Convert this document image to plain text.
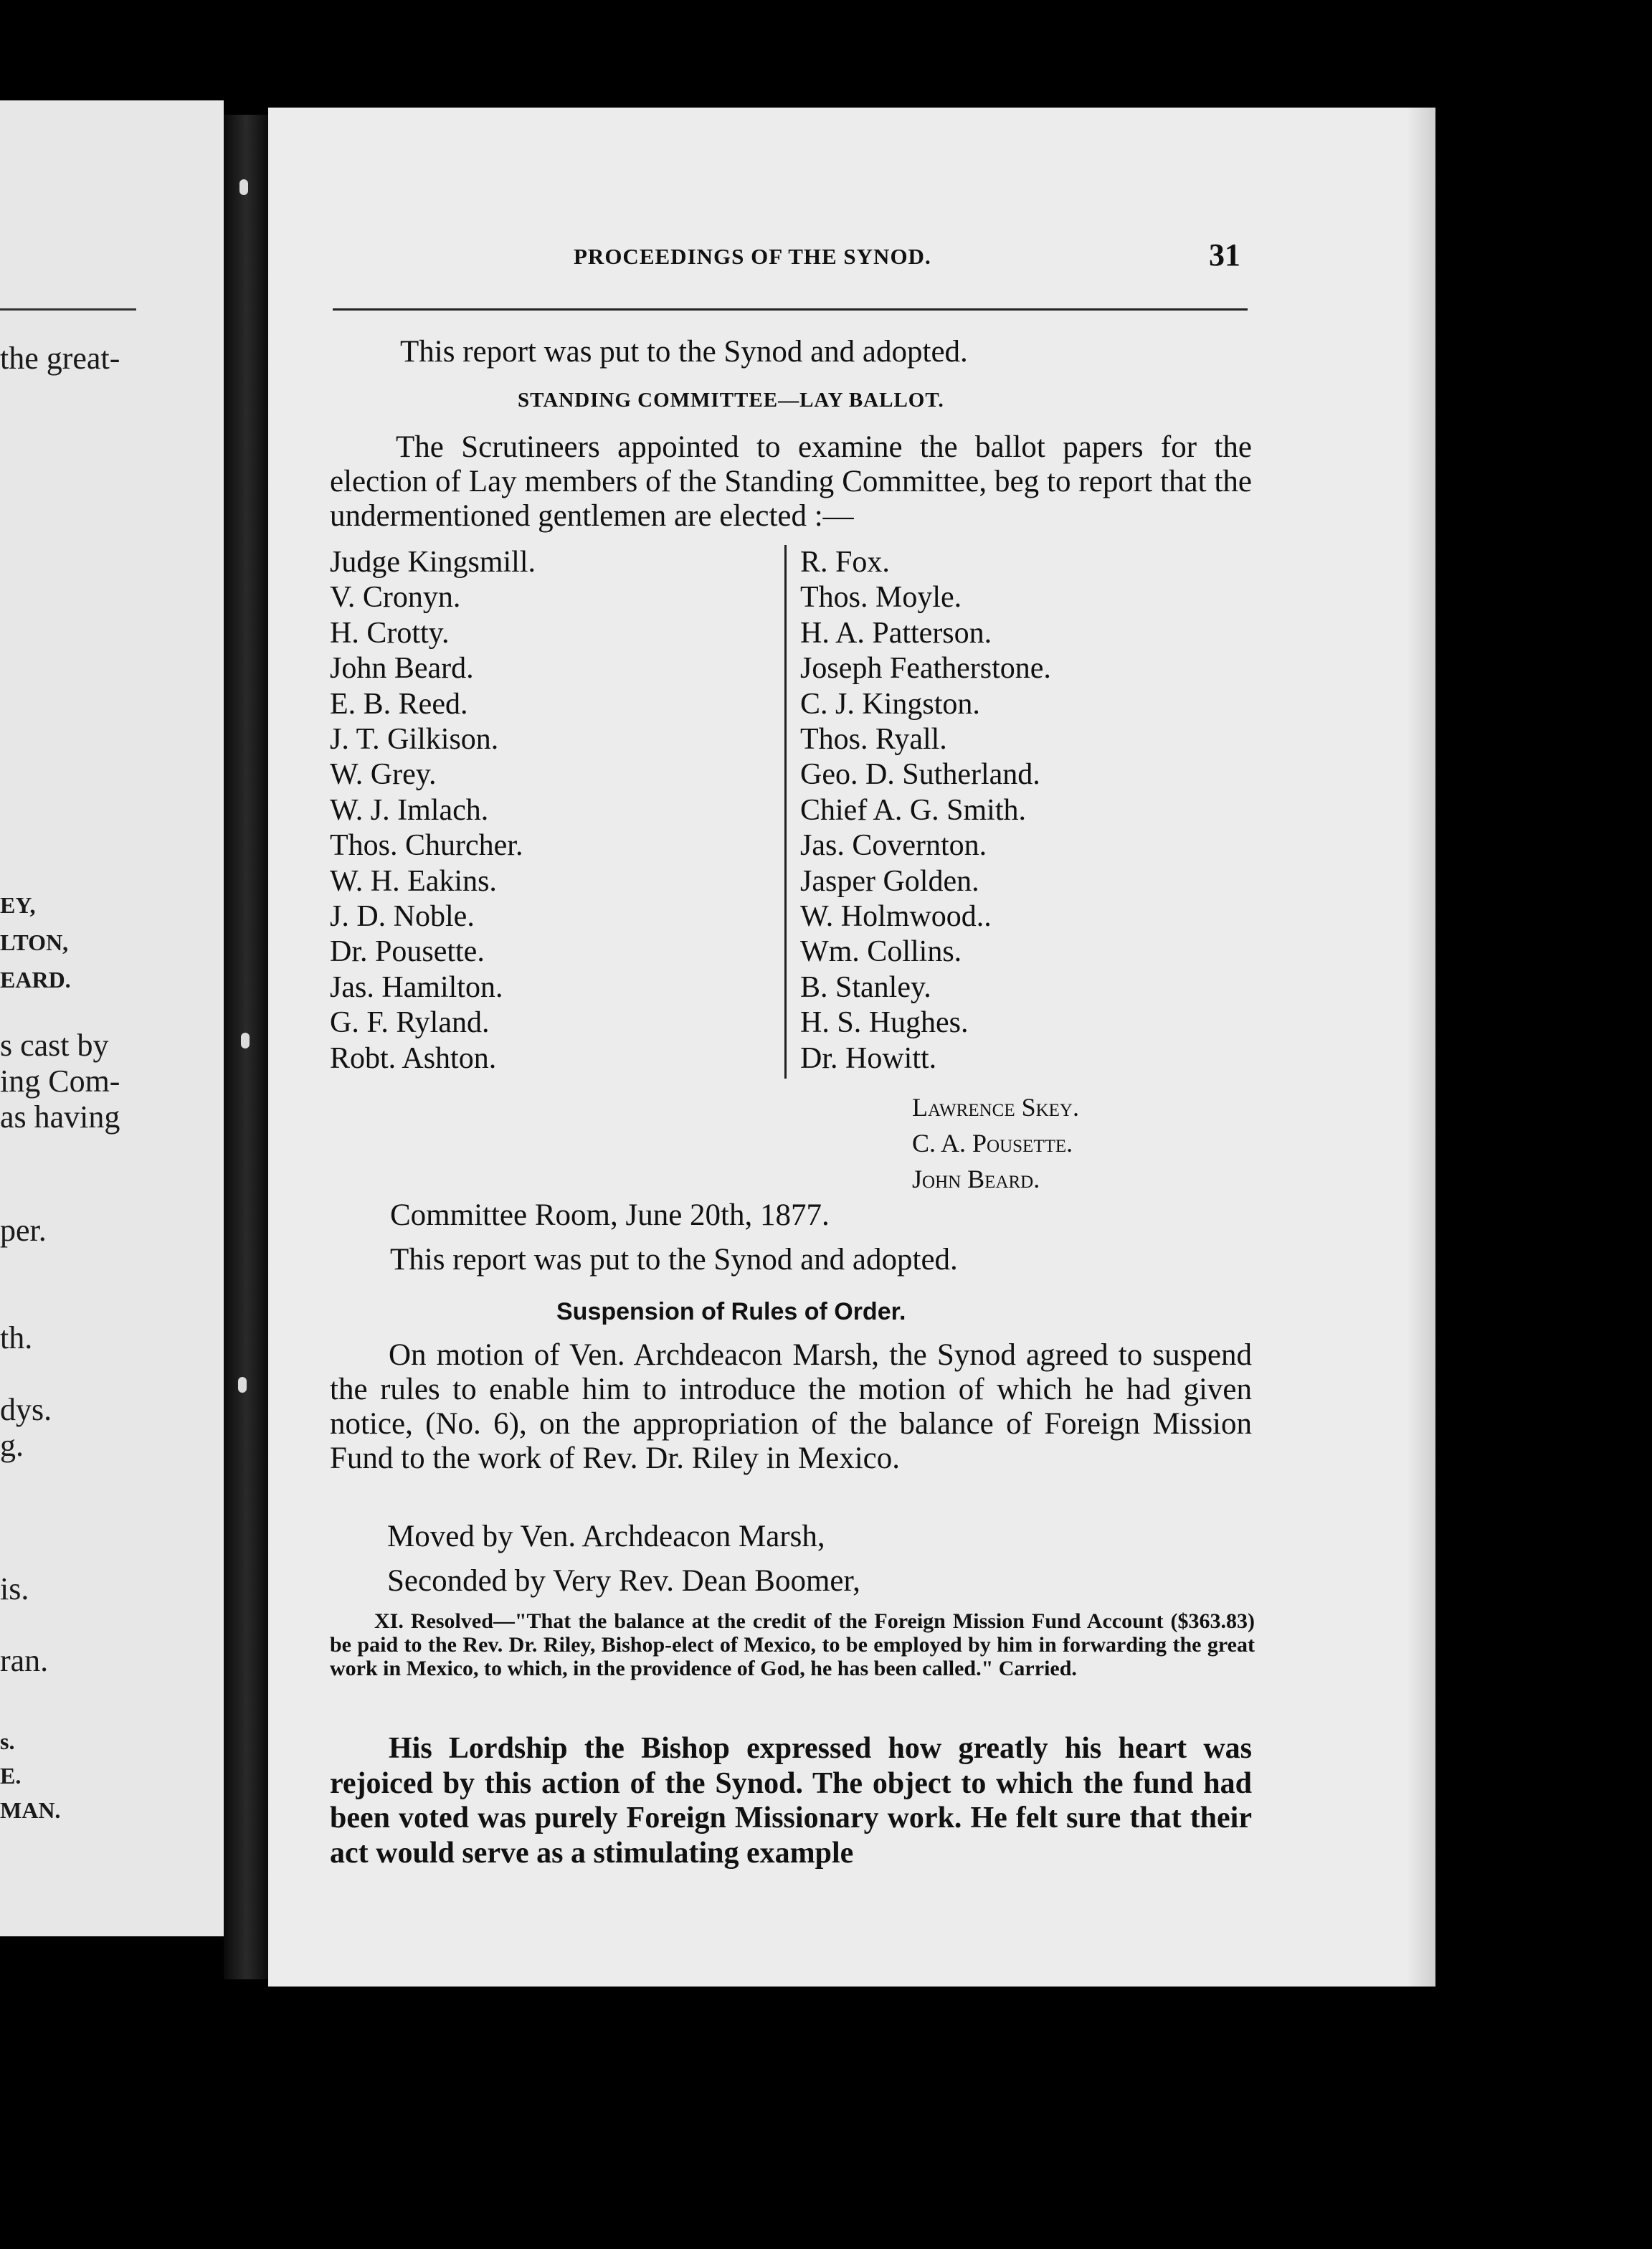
the great-
EY,
LTON,
EARD.
s cast by
ing Com-
as having
per.
th.
dys.
g.
is.
ran.
s.
E.
MAN.
PROCEEDINGS OF THE SYNOD.	31
This report was put to the Synod and adopted.
STANDING COMMITTEE—LAY BALLOT.
The Scrutineers appointed to examine the ballot papers for the election of Lay members of the Standing Committee, beg to report that the undermentioned gentlemen are elected :—
Judge Kingsmill.
V. Cronyn.
H. Crotty.
John Beard.
E. B. Reed.
J. T. Gilkison.
W. Grey.
W. J. Imlach.
Thos. Churcher.
W. H. Eakins.
J. D. Noble.
Dr. Pousette.
Jas. Hamilton.
G. F. Ryland.
Robt. Ashton.
R. Fox.
Thos. Moyle.
H. A. Patterson.
Joseph Featherstone.
C. J. Kingston.
Thos. Ryall.
Geo. D. Sutherland.
Chief A. G. Smith.
Jas. Covernton.
Jasper Golden.
W. Holmwood..
Wm. Collins.
B. Stanley.
H. S. Hughes.
Dr. Howitt.
Lawrence Skey.
C. A. Pousette.
John Beard.
Committee Room, June 20th, 1877.
This report was put to the Synod and adopted.
Suspension of Rules of Order.
On motion of Ven. Archdeacon Marsh, the Synod agreed to suspend the rules to enable him to introduce the motion of which he had given notice, (No. 6), on the appropriation of the balance of Foreign Mission Fund to the work of Rev. Dr. Riley in Mexico.
Moved by Ven. Archdeacon Marsh,
Seconded by Very Rev. Dean Boomer,
XI. Resolved—"That the balance at the credit of the Foreign Mission Fund Account ($363.83) be paid to the Rev. Dr. Riley, Bishop-elect of Mexico, to be employed by him in forwarding the great work in Mexico, to which, in the providence of God, he has been called." Carried.
His Lordship the Bishop expressed how greatly his heart was rejoiced by this action of the Synod. The object to which the fund had been voted was purely Foreign Missionary work. He felt sure that their act would serve as a stimulating example
